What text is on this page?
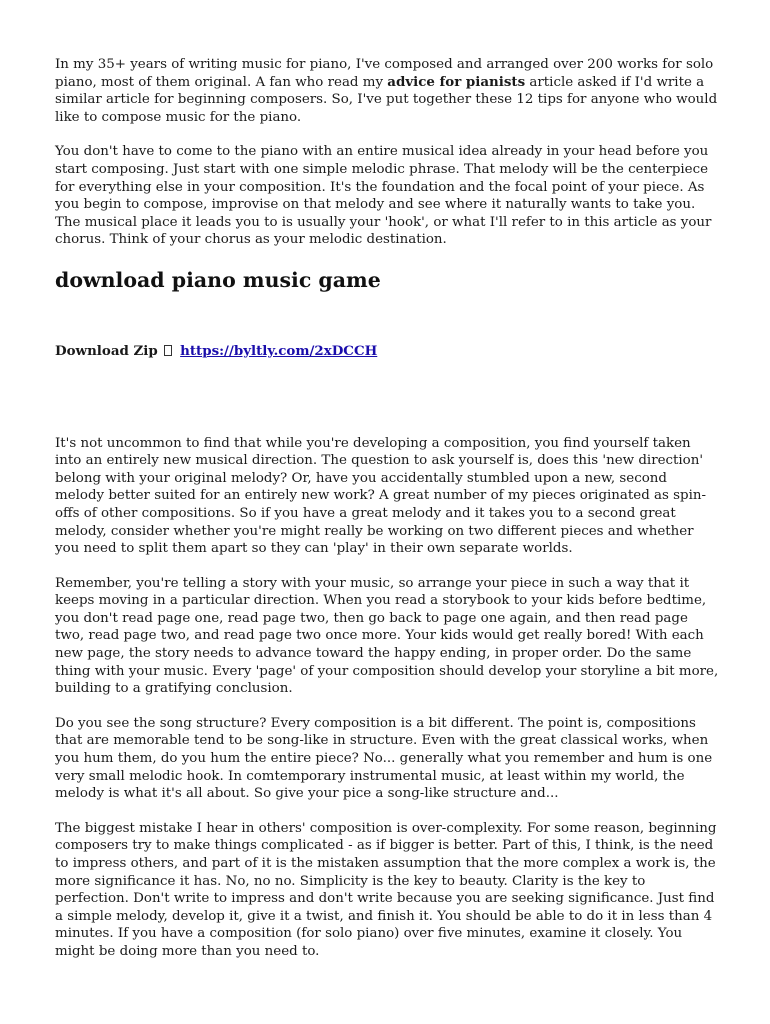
In my 35+ years of writing music for piano, I've composed and arranged over 200 works for solo piano, most of them original. A fan who read my advice for pianists article asked if I'd write a similar article for beginning composers. So, I've put together these 12 tips for anyone who would like to compose music for the piano.

You don't have to come to the piano with an entire musical idea already in your head before you start composing. Just start with one simple melodic phrase. That melody will be the centerpiece for everything else in your composition. It's the foundation and the focal point of your piece. As you begin to compose, improvise on that melody and see where it naturally wants to take you. The musical place it leads you to is usually your 'hook', or what I'll refer to in this article as your chorus. Think of your chorus as your melodic destination.

download piano music game
Download Zip https://byltly.com/2xDCCH

It's not uncommon to find that while you're developing a composition, you find yourself taken into an entirely new musical direction. The question to ask yourself is, does this 'new direction' belong with your original melody? Or, have you accidentally stumbled upon a new, second melody better suited for an entirely new work? A great number of my pieces originated as spin-offs of other compositions. So if you have a great melody and it takes you to a second great melody, consider whether you're might really be working on two different pieces and whether you need to split them apart so they can 'play' in their own separate worlds.

Remember, you're telling a story with your music, so arrange your piece in such a way that it keeps moving in a particular direction. When you read a storybook to your kids before bedtime, you don't read page one, read page two, then go back to page one again, and then read page two, read page two, and read page two once more. Your kids would get really bored! With each new page, the story needs to advance toward the happy ending, in proper order. Do the same thing with your music. Every 'page' of your composition should develop your storyline a bit more, building to a gratifying conclusion.

Do you see the song structure? Every composition is a bit different. The point is, compositions that are memorable tend to be song-like in structure. Even with the great classical works, when you hum them, do you hum the entire piece? No... generally what you remember and hum is one very small melodic hook. In comtemporary instrumental music, at least within my world, the melody is what it's all about. So give your pice a song-like structure and...

The biggest mistake I hear in others' composition is over-complexity. For some reason, beginning composers try to make things complicated - as if bigger is better. Part of this, I think, is the need to impress others, and part of it is the mistaken assumption that the more complex a work is, the more significance it has. No, no no. Simplicity is the key to beauty. Clarity is the key to perfection. Don't write to impress and don't write because you are seeking significance. Just find a simple melody, develop it, give it a twist, and finish it. You should be able to do it in less than 4 minutes. If you have a composition (for solo piano) over five minutes, examine it closely. You might be doing more than you need to.
